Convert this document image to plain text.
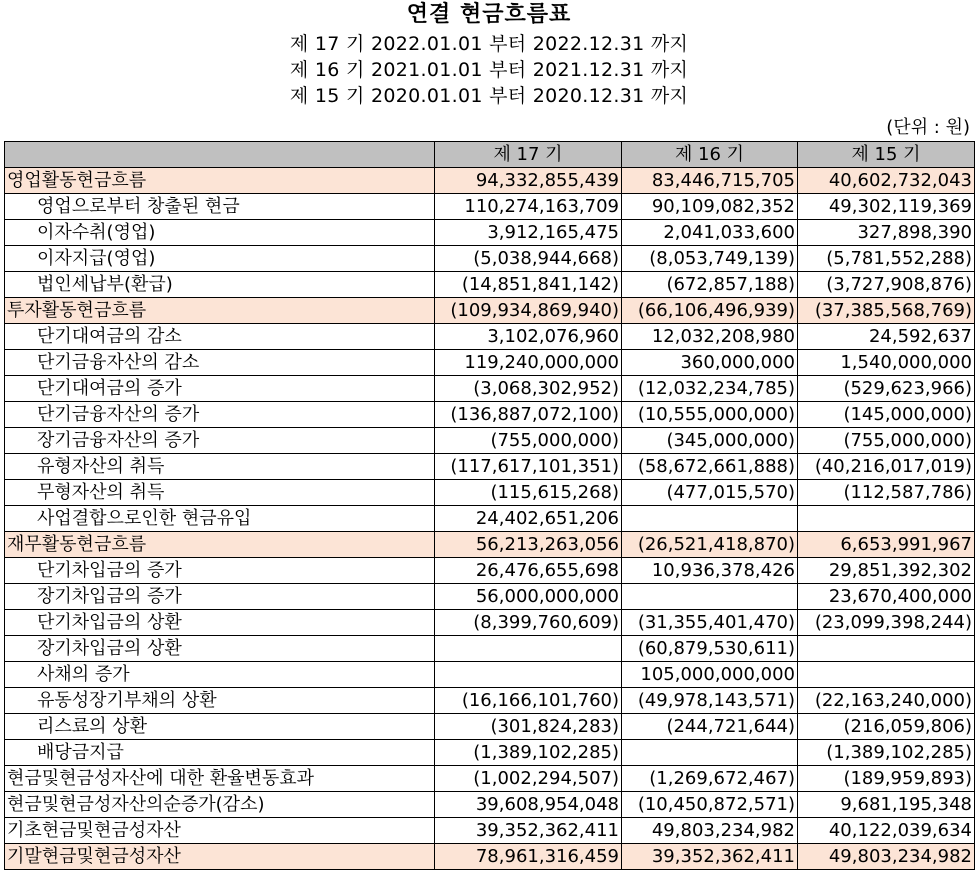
연결 현금흐름표
제 17 기 2022.01.01 부터 2022.12.31 까지
제 16 기 2021.01.01 부터 2021.12.31 까지
제 15 기 2020.01.01 부터 2020.12.31 까지
(단위 : 원)
	제 17 기	제 16 기	제 15 기
영업활동현금흐름	94,332,855,439	83,446,715,705	40,602,732,043
영업으로부터 창출된 현금	110,274,163,709	90,109,082,352	49,302,119,369
이자수취(영업)	3,912,165,475	2,041,033,600	327,898,390
이자지급(영업)	(5,038,944,668)	(8,053,749,139)	(5,781,552,288)
법인세납부(환급)	(14,851,841,142)	(672,857,188)	(3,727,908,876)
투자활동현금흐름	(109,934,869,940)	(66,106,496,939)	(37,385,568,769)
단기대여금의 감소	3,102,076,960	12,032,208,980	24,592,637
단기금융자산의 감소	119,240,000,000	360,000,000	1,540,000,000
단기대여금의 증가	(3,068,302,952)	(12,032,234,785)	(529,623,966)
단기금융자산의 증가	(136,887,072,100)	(10,555,000,000)	(145,000,000)
장기금융자산의 증가	(755,000,000)	(345,000,000)	(755,000,000)
유형자산의 취득	(117,617,101,351)	(58,672,661,888)	(40,216,017,019)
무형자산의 취득	(115,615,268)	(477,015,570)	(112,587,786)
사업결합으로인한 현금유입	24,402,651,206		
재무활동현금흐름	56,213,263,056	(26,521,418,870)	6,653,991,967
단기차입금의 증가	26,476,655,698	10,936,378,426	29,851,392,302
장기차입금의 증가	56,000,000,000		23,670,400,000
단기차입금의 상환	(8,399,760,609)	(31,355,401,470)	(23,099,398,244)
장기차입금의 상환		(60,879,530,611)	
사채의 증가		105,000,000,000	
유동성장기부채의 상환	(16,166,101,760)	(49,978,143,571)	(22,163,240,000)
리스료의 상환	(301,824,283)	(244,721,644)	(216,059,806)
배당금지급	(1,389,102,285)		(1,389,102,285)
현금및현금성자산에 대한 환율변동효과	(1,002,294,507)	(1,269,672,467)	(189,959,893)
현금및현금성자산의순증가(감소)	39,608,954,048	(10,450,872,571)	9,681,195,348
기초현금및현금성자산	39,352,362,411	49,803,234,982	40,122,039,634
기말현금및현금성자산	78,961,316,459	39,352,362,411	49,803,234,982
